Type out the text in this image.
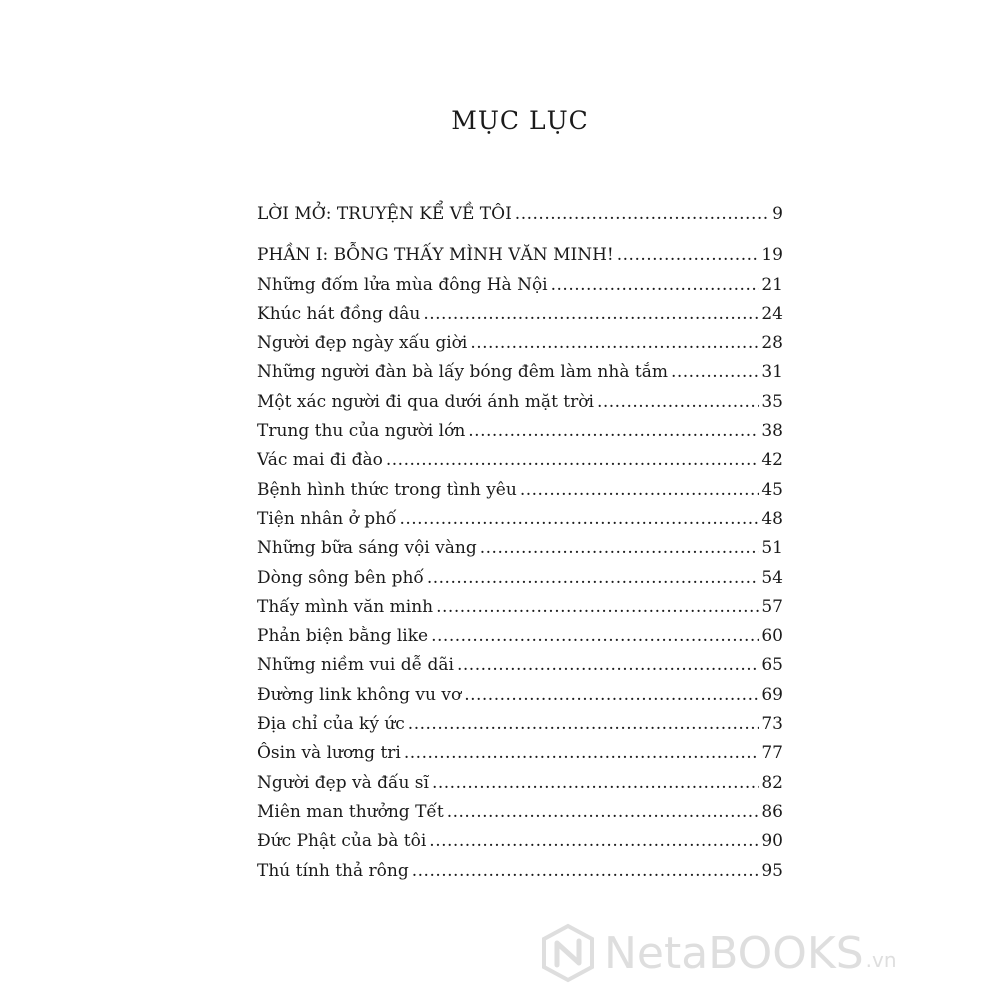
MỤC LỤC
LỜI MỞ: TRUYỆN KỂ VỀ TÔI .....	9
PHẦN I: BỖNG THẤY MÌNH VĂN MINH! .....	19
Những đốm lửa mùa đông Hà Nội .....	21
Khúc hát đồng dâu .....	24
Người đẹp ngày xấu giời .....	28
Những người đàn bà lấy bóng đêm làm nhà tắm .....	31
Một xác người đi qua dưới ánh mặt trời .....	35
Trung thu của người lớn .....	38
Vác mai đi đào .....	42
Bệnh hình thức trong tình yêu .....	45
Tiện nhân ở phố .....	48
Những bữa sáng vội vàng .....	51
Dòng sông bên phố .....	54
Thấy mình văn minh .....	57
Phản biện bằng like .....	60
Những niềm vui dễ dãi .....	65
Đường link không vu vơ .....	69
Địa chỉ của ký ức .....	73
Ôsin và lương tri .....	77
Người đẹp và đấu sĩ .....	82
Miên man thưởng Tết .....	86
Đức Phật của bà tôi .....	90
Thú tính thả rông .....	95
NetaBOOKS .vn
